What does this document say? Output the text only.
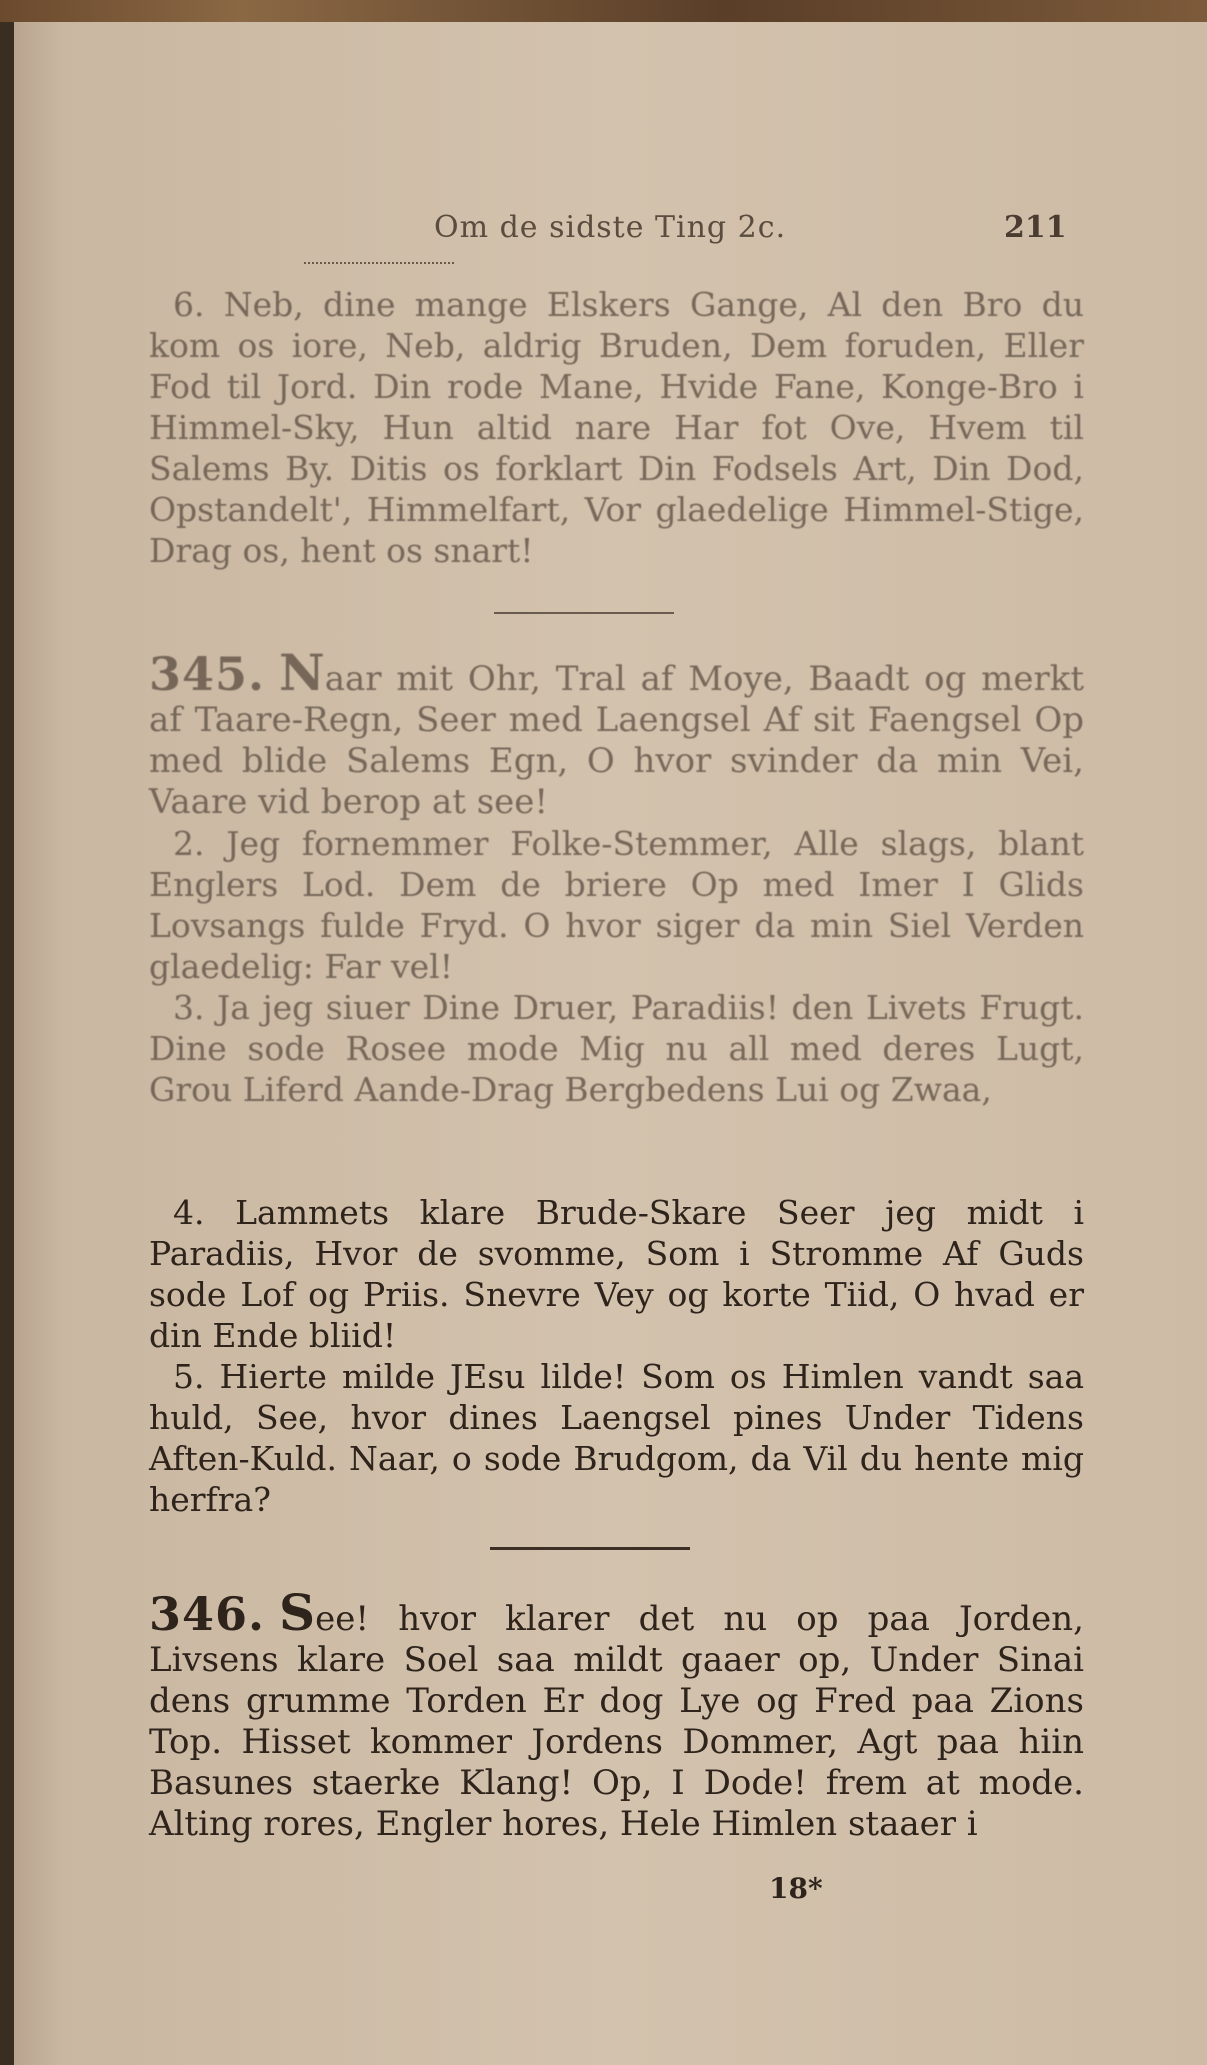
Om de sidste Ting 2c.	211

6. Neb, dine mange Elskers Gange, Al den Bro du kom os iore, Neb, aldrig Bruden, Dem foruden, Eller Fod til Jord. Din rode Mane, Hvide Fane, Konge-Bro i Himmel-Sky, Hun altid nare Har fot Ove, Hvem til Salems By. Ditis os forklart Din Fodsels Art, Din Dod, Opstandelt', Himmelfart, Vor glaedelige Himmel-Stige, Drag os, hent os snart!

345. Naar mit Ohr, Tral af Moye, Baadt og merkt af Taare-Regn, Seer med Laengsel Af sit Faengsel Op med blide Salems Egn, O hvor svinder da min Vei, Vaare vid berop at see!

2. Jeg fornemmer Folke-Stemmer, Alle slags, blant Englers Lod. Dem de briere Op med Imer I Glids Lovsangs fulde Fryd. O hvor siger da min Siel Verden glaedelig: Far vel!

3. Ja jeg siuer Dine Druer, Paradiis! den Livets Frugt. Dine sode Rosee mode Mig nu all med deres Lugt, Grou Liferd Aande-Drag Bergbedens Lui og Zwaa,

4. Lammets klare Brude-Skare Seer jeg midt i Paradiis, Hvor de svomme, Som i Stromme Af Guds sode Lof og Priis. Snevre Vey og korte Tiid, O hvad er din Ende bliid!

5. Hierte milde JEsu lilde! Som os Himlen vandt saa huld, See, hvor dines Laengsel pines Under Tidens Aften-Kuld. Naar, o sode Brudgom, da Vil du hente mig herfra?

346. See! hvor klarer det nu op paa Jorden, Livsens klare Soel saa mildt gaaer op, Under Sinai dens grumme Torden Er dog Lye og Fred paa Zions Top. Hisset kommer Jordens Dommer, Agt paa hiin Basunes staerke Klang! Op, I Dode! frem at mode. Alting rores, Engler hores, Hele Himlen staaer i

18*
